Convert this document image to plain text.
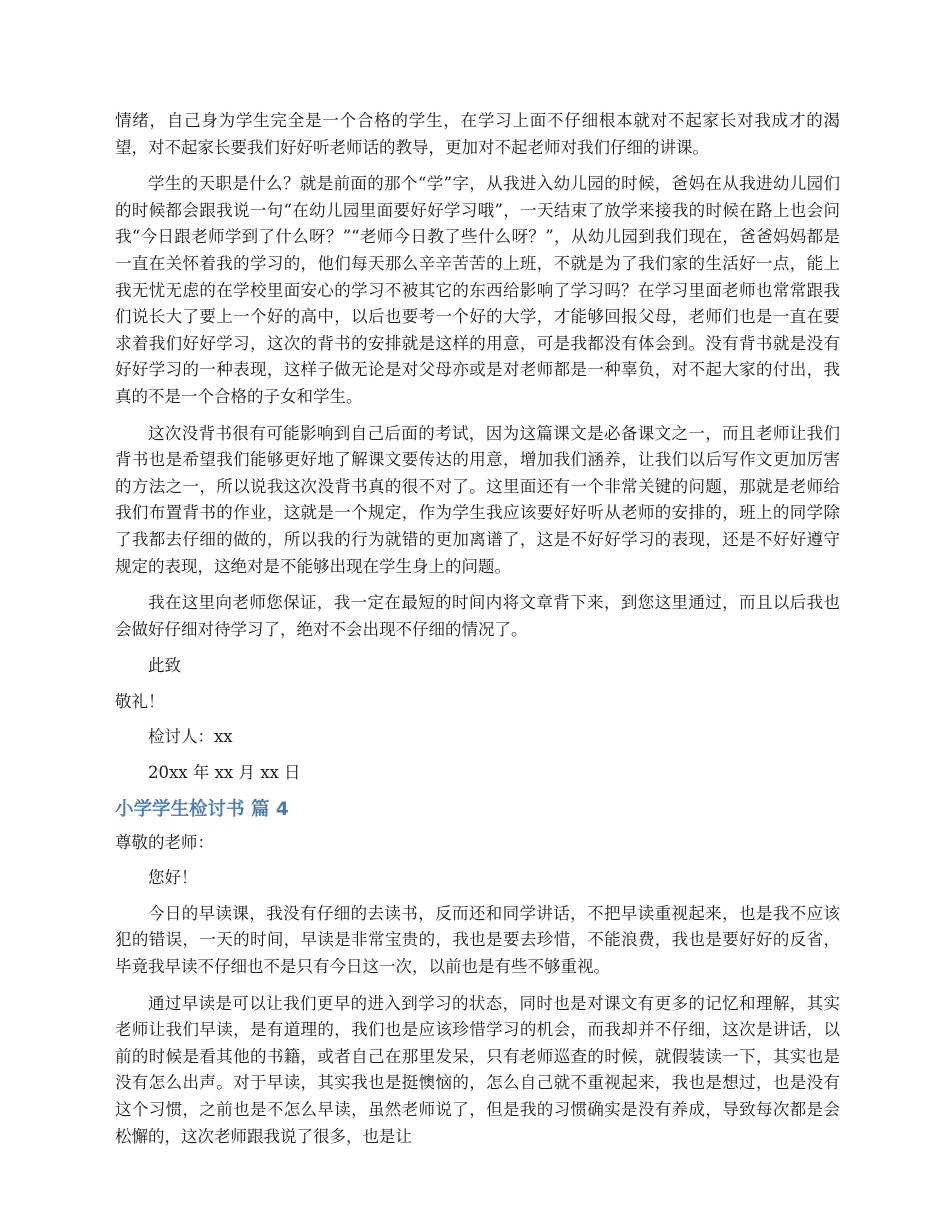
情绪，自己身为学生完全是一个合格的学生，在学习上面不仔细根本就对不起家长对我成才的渴望，对不起家长要我们好好听老师话的教导，更加对不起老师对我们仔细的讲课。

学生的天职是什么？就是前面的那个“学”字，从我进入幼儿园的时候，爸妈在从我进幼儿园们的时候都会跟我说一句“在幼儿园里面要好好学习哦”，一天结束了放学来接我的时候在路上也会问我“今日跟老师学到了什么呀？”“老师今日教了些什么呀？”，从幼儿园到我们现在，爸爸妈妈都是一直在关怀着我的学习的，他们每天那么辛辛苦苦的上班，不就是为了我们家的生活好一点，能上我无忧无虑的在学校里面安心的学习不被其它的东西给影响了学习吗？在学习里面老师也常常跟我们说长大了要上一个好的高中，以后也要考一个好的大学，才能够回报父母，老师们也是一直在要求着我们好好学习，这次的背书的安排就是这样的用意，可是我都没有体会到。没有背书就是没有好好学习的一种表现，这样子做无论是对父母亦或是对老师都是一种辜负，对不起大家的付出，我真的不是一个合格的子女和学生。

这次没背书很有可能影响到自己后面的考试，因为这篇课文是必备课文之一，而且老师让我们背书也是希望我们能够更好地了解课文要传达的用意，增加我们涵养，让我们以后写作文更加厉害的方法之一，所以说我这次没背书真的很不对了。这里面还有一个非常关键的问题，那就是老师给我们布置背书的作业，这就是一个规定，作为学生我应该要好好听从老师的安排的，班上的同学除了我都去仔细的做的，所以我的行为就错的更加离谱了，这是不好好学习的表现，还是不好好遵守规定的表现，这绝对是不能够出现在学生身上的问题。

我在这里向老师您保证，我一定在最短的时间内将文章背下来，到您这里通过，而且以后我也会做好仔细对待学习了，绝对不会出现不仔细的情况了。

此致

敬礼！

检讨人：xx

20xx 年 xx 月 xx 日

小学学生检讨书 篇 4

尊敬的老师：

您好！

今日的早读课，我没有仔细的去读书，反而还和同学讲话，不把早读重视起来，也是我不应该犯的错误，一天的时间，早读是非常宝贵的，我也是要去珍惜，不能浪费，我也是要好好的反省，毕竟我早读不仔细也不是只有今日这一次，以前也是有些不够重视。

通过早读是可以让我们更早的进入到学习的状态，同时也是对课文有更多的记忆和理解，其实老师让我们早读，是有道理的，我们也是应该珍惜学习的机会，而我却并不仔细，这次是讲话，以前的时候是看其他的书籍，或者自己在那里发呆，只有老师巡查的时候，就假装读一下，其实也是没有怎么出声。对于早读，其实我也是挺懊恼的，怎么自己就不重视起来，我也是想过，也是没有这个习惯，之前也是不怎么早读，虽然老师说了，但是我的习惯确实是没有养成，导致每次都是会松懈的，这次老师跟我说了很多，也是让
